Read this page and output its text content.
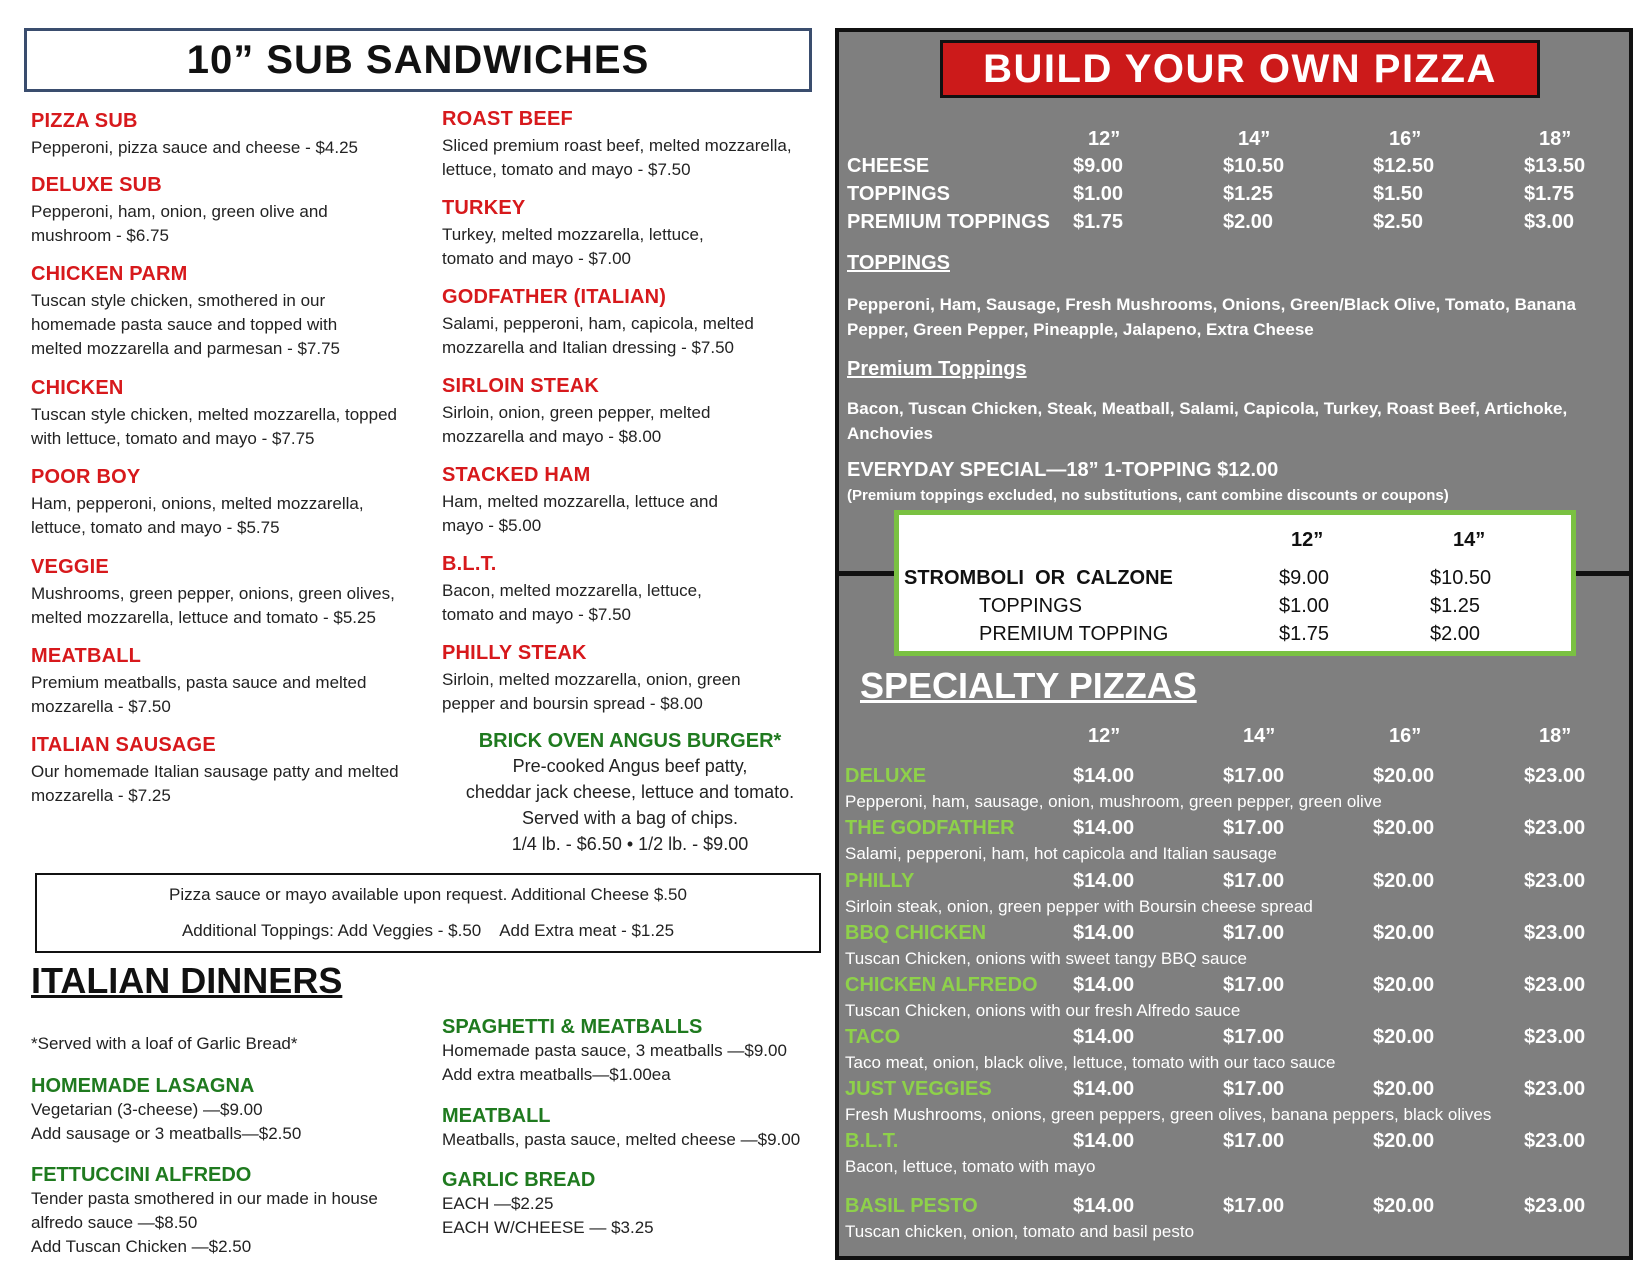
10” SUB SANDWICHES
PIZZA SUB
Pepperoni, pizza sauce and cheese - $4.25
DELUXE SUB
Pepperoni, ham, onion, green olive and mushroom - $6.75
CHICKEN PARM
Tuscan style chicken, smothered in our homemade pasta sauce and topped with melted mozzarella and parmesan - $7.75
CHICKEN
Tuscan style chicken, melted mozzarella, topped with lettuce, tomato and mayo - $7.75
POOR BOY
Ham, pepperoni, onions, melted mozzarella, lettuce, tomato and mayo - $5.75
VEGGIE
Mushrooms, green pepper, onions, green olives, melted mozzarella, lettuce and tomato - $5.25
MEATBALL
Premium meatballs, pasta sauce and melted mozzarella - $7.50
ITALIAN SAUSAGE
Our homemade Italian sausage patty and melted mozzarella - $7.25
ROAST BEEF
Sliced premium roast beef, melted mozzarella, lettuce, tomato and mayo - $7.50
TURKEY
Turkey, melted mozzarella, lettuce, tomato and mayo - $7.00
GODFATHER (ITALIAN)
Salami, pepperoni, ham, capicola, melted mozzarella and Italian dressing - $7.50
SIRLOIN STEAK
Sirloin, onion, green pepper, melted mozzarella and mayo - $8.00
STACKED HAM
Ham, melted mozzarella, lettuce and mayo - $5.00
B.L.T.
Bacon, melted mozzarella, lettuce, tomato and mayo - $7.50
PHILLY STEAK
Sirloin, melted mozzarella, onion, green pepper and boursin spread - $8.00
BRICK OVEN ANGUS BURGER*
Pre-cooked Angus beef patty,
cheddar jack cheese, lettuce and tomato.
Served with a bag of chips.
1/4 lb. - $6.50 • 1/2 lb. - $9.00
Pizza sauce or mayo available upon request. Additional Cheese $.50
Additional Toppings: Add Veggies - $.50    Add Extra meat - $1.25
ITALIAN DINNERS
*Served with a loaf of Garlic Bread*
HOMEMADE LASAGNA
Vegetarian (3-cheese) —$9.00
Add sausage or 3 meatballs—$2.50
FETTUCCINI ALFREDO
Tender pasta smothered in our made in house
alfredo sauce —$8.50
Add Tuscan Chicken —$2.50
SPAGHETTI & MEATBALLS
Homemade pasta sauce, 3 meatballs —$9.00
Add extra meatballs—$1.00ea
MEATBALL
Meatballs, pasta sauce, melted cheese —$9.00
GARLIC BREAD
EACH —$2.25
EACH W/CHEESE — $3.25
BUILD YOUR OWN PIZZA
12”	14”	16”	18”
CHEESE	$9.00	$10.50	$12.50	$13.50
TOPPINGS	$1.00	$1.25	$1.50	$1.75
PREMIUM TOPPINGS $1.75	$2.00	$2.50	$3.00
TOPPINGS
Pepperoni, Ham, Sausage, Fresh Mushrooms, Onions, Green/Black Olive, Tomato, Banana Pepper, Green Pepper, Pineapple, Jalapeno, Extra Cheese
Premium Toppings
Bacon, Tuscan Chicken, Steak, Meatball, Salami, Capicola, Turkey, Roast Beef, Artichoke, Anchovies
EVERYDAY SPECIAL—18” 1-TOPPING $12.00
(Premium toppings excluded, no substitutions, cant combine discounts or coupons)
12”	14”
STROMBOLI  OR  CALZONE	$9.00	$10.50
TOPPINGS	$1.00	$1.25
PREMIUM TOPPING	$1.75	$2.00
SPECIALTY PIZZAS
12”	14”	16”	18”
DELUXE	$14.00	$17.00	$20.00	$23.00
Pepperoni, ham, sausage, onion, mushroom, green pepper, green olive
THE GODFATHER	$14.00	$17.00	$20.00	$23.00
Salami, pepperoni, ham, hot capicola and Italian sausage
PHILLY	$14.00	$17.00	$20.00	$23.00
Sirloin steak, onion, green pepper with Boursin cheese spread
BBQ CHICKEN	$14.00	$17.00	$20.00	$23.00
Tuscan Chicken, onions with sweet tangy BBQ sauce
CHICKEN ALFREDO $14.00	$17.00	$20.00	$23.00
Tuscan Chicken, onions with our fresh Alfredo sauce
TACO	$14.00	$17.00	$20.00	$23.00
Taco meat, onion, black olive, lettuce, tomato with our taco sauce
JUST VEGGIES	$14.00	$17.00	$20.00	$23.00
Fresh Mushrooms, onions, green peppers, green olives, banana peppers, black olives
B.L.T.	$14.00	$17.00	$20.00	$23.00
Bacon, lettuce, tomato with mayo
BASIL PESTO	$14.00	$17.00	$20.00	$23.00
Tuscan chicken, onion, tomato and basil pesto
